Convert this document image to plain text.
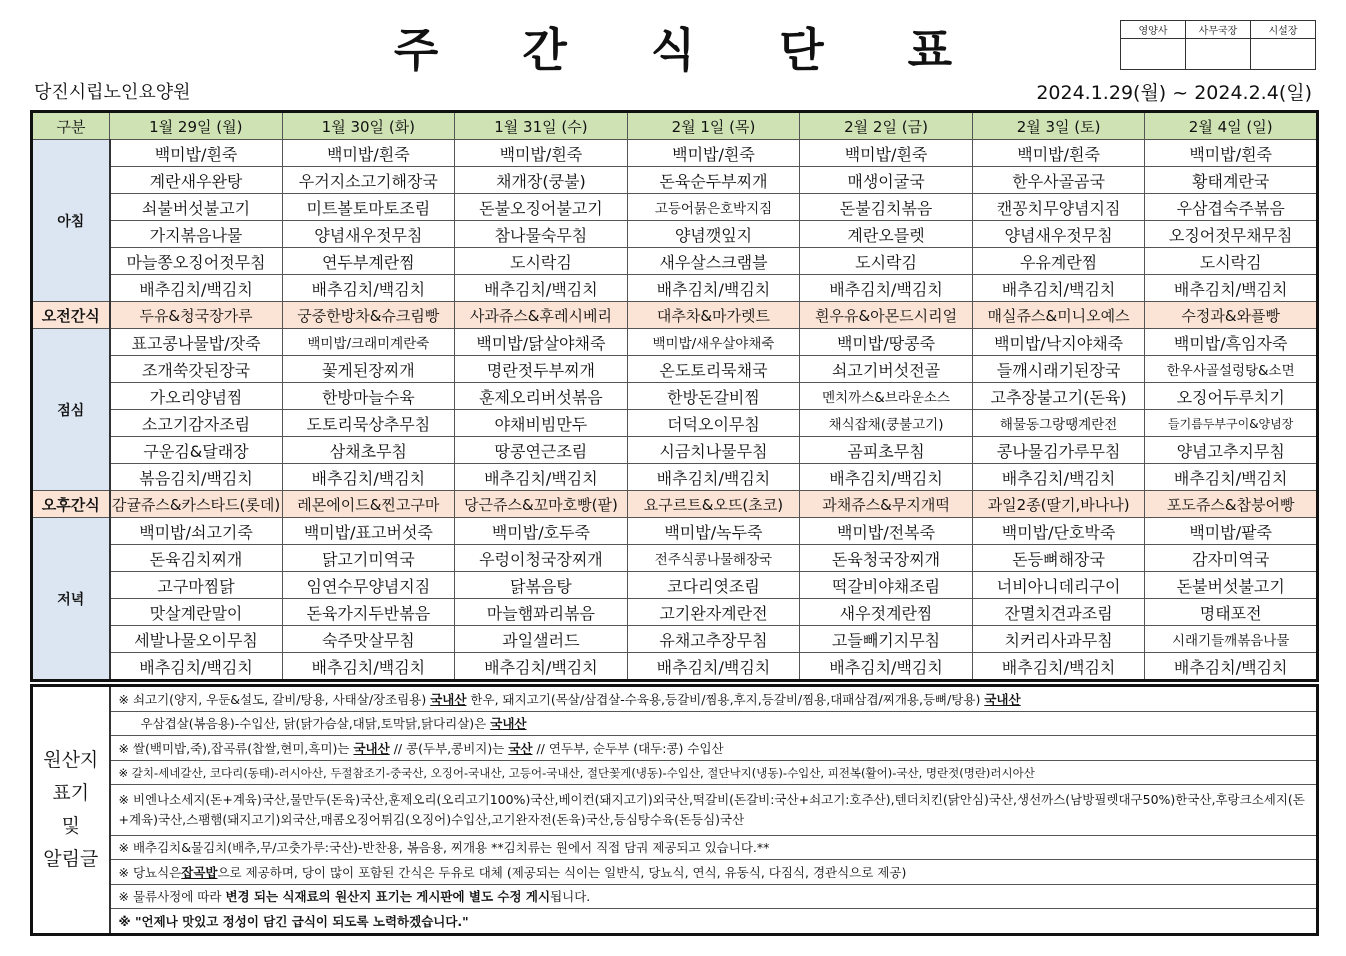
주 간 식 단 표	영양사	사무국장	시설장

당진시립노인요양원	2024.1.29(월) ~ 2024.2.4(일)
구분	1월 29일 (월)	1월 30일 (화)	1월 31일 (수)	2월 1일 (목)	2월 2일 (금)	2월 3일 (토)	2월 4일 (일)
아침	백미밥/흰죽	백미밥/흰죽	백미밥/흰죽	백미밥/흰죽	백미밥/흰죽	백미밥/흰죽	백미밥/흰죽
	계란새우완탕	우거지소고기해장국	채개장(쿵불)	돈육순두부찌개	매생이굴국	한우사골곰국	황태계란국
	쇠불버섯불고기	미트볼토마토조림	돈불오징어불고기	고등어묽은호박지짐	돈불김치볶음	캔꽁치무양념지짐	우삼겹숙주볶음
	가지볶음나물	양념새우젓무침	참나물숙무침	양념깻잎지	계란오믈렛	양념새우젓무침	오징어젓무채무침
	마늘쫑오징어젓무침	연두부계란찜	도시락김	새우살스크램블	도시락김	우유계란찜	도시락김
	배추김치/백김치	배추김치/백김치	배추김치/백김치	배추김치/백김치	배추김치/백김치	배추김치/백김치	배추김치/백김치
오전간식	두유&청국장가루	궁중한방차&슈크림빵	사과쥬스&후레시베리	대추차&마가렛트	흰우유&아몬드시리얼	매실쥬스&미니오예스	수정과&와플빵
점심	표고콩나물밥/잣죽	백미밥/크래미계란죽	백미밥/닭살야채죽	백미밥/새우살야채죽	백미밥/땅콩죽	백미밥/낙지야채죽	백미밥/흑임자죽
	조개쑥갓된장국	꽃게된장찌개	명란젓두부찌개	온도토리묵채국	쇠고기버섯전골	들깨시래기된장국	한우사골설렁탕&소면
	가오리양념찜	한방마늘수육	훈제오리버섯볶음	한방돈갈비찜	멘치까스&브라운소스	고추장불고기(돈육)	오징어두루치기
	소고기감자조림	도토리묵상추무침	야채비빔만두	더덕오이무침	채식잡채(쿵불고기)	해물동그랑땡계란전	들기름두부구이&양념장
	구운김&달래장	삼채초무침	땅콩연근조림	시금치나물무침	곰피초무침	콩나물김가루무침	양념고추지무침
	볶음김치/백김치	배추김치/백김치	배추김치/백김치	배추김치/백김치	배추김치/백김치	배추김치/백김치	배추김치/백김치
오후간식	감귤쥬스&카스타드(롯데)	레몬에이드&찐고구마	당근쥬스&꼬마호빵(팥)	요구르트&오뜨(초코)	과채쥬스&무지개떡	과일2종(딸기,바나나)	포도쥬스&찹붕어빵
저녁	백미밥/쇠고기죽	백미밥/표고버섯죽	백미밥/호두죽	백미밥/녹두죽	백미밥/전복죽	백미밥/단호박죽	백미밥/팥죽
	돈육김치찌개	닭고기미역국	우렁이청국장찌개	전주식콩나물해장국	돈육청국장찌개	돈등뼈해장국	감자미역국
	고구마찜닭	임연수무양념지짐	닭볶음탕	코다리엿조림	떡갈비야채조림	너비아니데리구이	돈불버섯불고기
	맛살계란말이	돈육가지두반볶음	마늘햄꽈리볶음	고기완자계란전	새우젓계란찜	잔멸치견과조림	명태포전
	세발나물오이무침	숙주맛살무침	과일샐러드	유채고추장무침	고들빼기지무침	치커리사과무침	시래기들깨볶음나물
	배추김치/백김치	배추김치/백김치	배추김치/백김치	배추김치/백김치	배추김치/백김치	배추김치/백김치	배추김치/백김치
원산지
표기
및
알림글
	※ 쇠고기(양지, 우둔&설도, 갈비/탕용, 사태살/장조림용) 국내산 한우, 돼지고기(목살/삼겹살-수육용,등갈비/찜용,후지,등갈비/찜용,대패삼겹/찌개용,등뼈/탕용) 국내산
우삼겹살(볶음용)-수입산, 닭(닭가슴살,대닭,토막닭,닭다리살)은 국내산
※ 쌀(백미밥,죽),잡곡류(찹쌀,현미,흑미)는 국내산 // 콩(두부,콩비지)는 국산 // 연두부, 순두부 (대두:콩) 수입산
※ 갈치-세네갈산, 코다리(동태)-러시아산, 두절참조기-중국산, 오징어-국내산, 고등어-국내산, 절단꽃게(냉동)-수입산, 절단낙지(냉동)-수입산, 피전복(활어)-국산, 명란젓(명란)러시아산
※ 비엔나소세지(돈+계육)국산,물만두(돈육)국산,훈제오리(오리고기100%)국산,베이컨(돼지고기)외국산,떡갈비(돈갈비:국산+쇠고기:호주산),텐더치킨(닭안심)국산,생선까스(남방필렛대구50%)한국산,후랑크소세지(돈+계육)국산,스팸햄(돼지고기)외국산,매콤오징어튀김(오징어)수입산,고기완자전(돈육)국산,등심탕수육(돈등심)국산
※ 배추김치&물김치(배추,무/고춧가루:국산)-반찬용, 볶음용, 찌개용 **김치류는 원에서 직접 담궈 제공되고 있습니다.**
※ 당뇨식은잡곡밥으로 제공하며, 당이 많이 포함된 간식은 두유로 대체 (제공되는 식이는 일반식, 당뇨식, 연식, 유동식, 다짐식, 경관식으로 제공)
※ 물류사정에 따라 변경 되는 식재료의 원산지 표기는 게시판에 별도 수정 게시됩니다.
※ "언제나 맛있고 정성이 담긴 급식이 되도록 노력하겠습니다."
